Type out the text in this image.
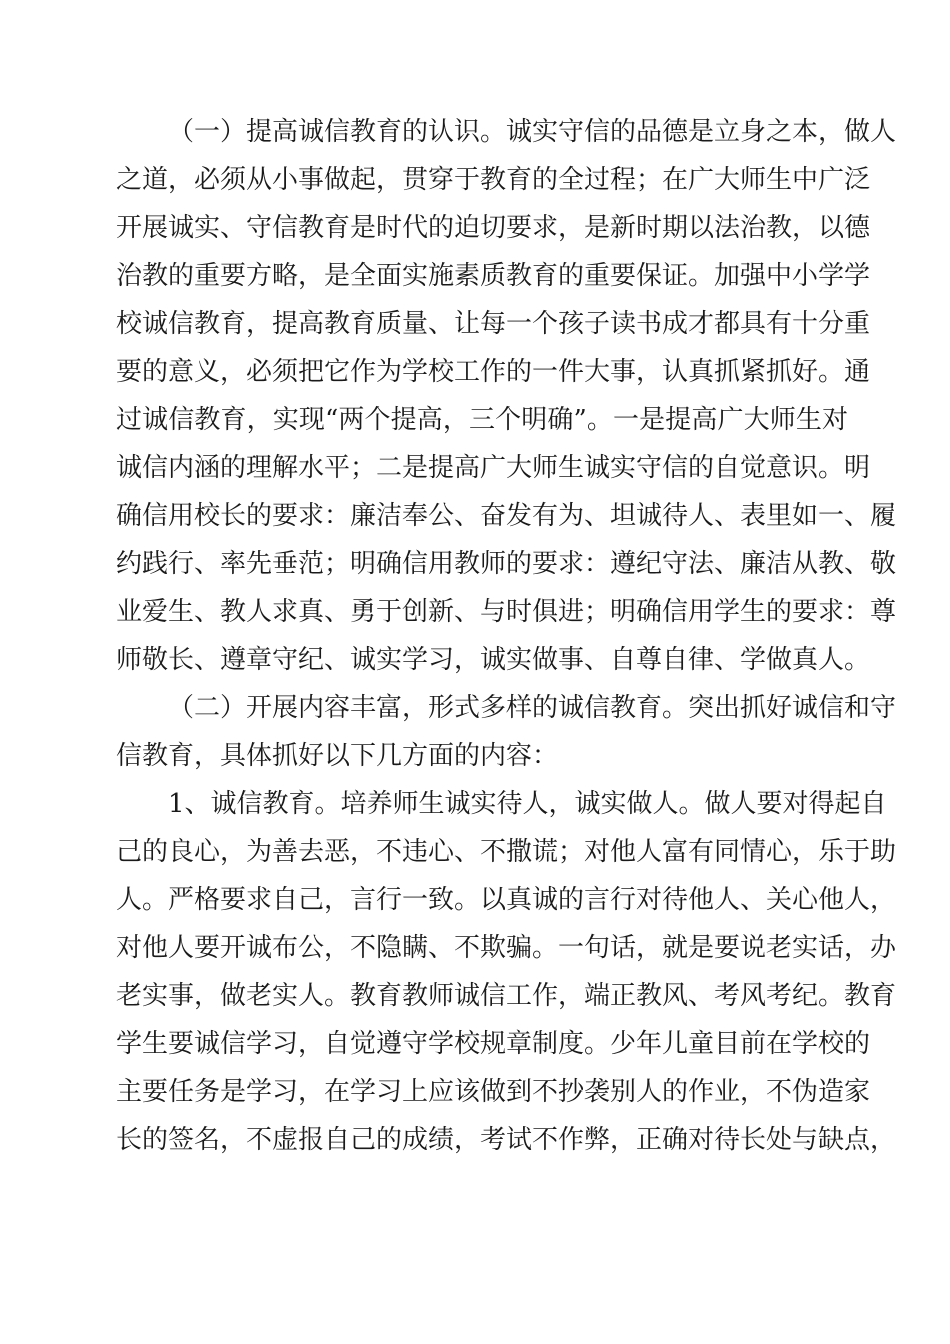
（一）提高诚信教育的认识。诚实守信的品德是立身之本，做人
之道，必须从小事做起，贯穿于教育的全过程；在广大师生中广泛
开展诚实、守信教育是时代的迫切要求，是新时期以法治教，以德
治教的重要方略，是全面实施素质教育的重要保证。加强中小学学
校诚信教育，提高教育质量、让每一个孩子读书成才都具有十分重
要的意义，必须把它作为学校工作的一件大事，认真抓紧抓好。通
过诚信教育，实现“两个提高，三个明确”。一是提高广大师生对
诚信内涵的理解水平；二是提高广大师生诚实守信的自觉意识。明
确信用校长的要求：廉洁奉公、奋发有为、坦诚待人、表里如一、履
约践行、率先垂范；明确信用教师的要求：遵纪守法、廉洁从教、敬
业爱生、教人求真、勇于创新、与时俱进；明确信用学生的要求：尊
师敬长、遵章守纪、诚实学习，诚实做事、自尊自律、学做真人。
（二）开展内容丰富，形式多样的诚信教育。突出抓好诚信和守
信教育，具体抓好以下几方面的内容：
1、诚信教育。培养师生诚实待人，诚实做人。做人要对得起自
己的良心，为善去恶，不违心、不撒谎；对他人富有同情心，乐于助
人。严格要求自己，言行一致。以真诚的言行对待他人、关心他人，
对他人要开诚布公，不隐瞒、不欺骗。一句话，就是要说老实话，办
老实事，做老实人。教育教师诚信工作，端正教风、考风考纪。教育
学生要诚信学习，自觉遵守学校规章制度。少年儿童目前在学校的
主要任务是学习，在学习上应该做到不抄袭别人的作业，不伪造家
长的签名，不虚报自己的成绩，考试不作弊，正确对待长处与缺点，
